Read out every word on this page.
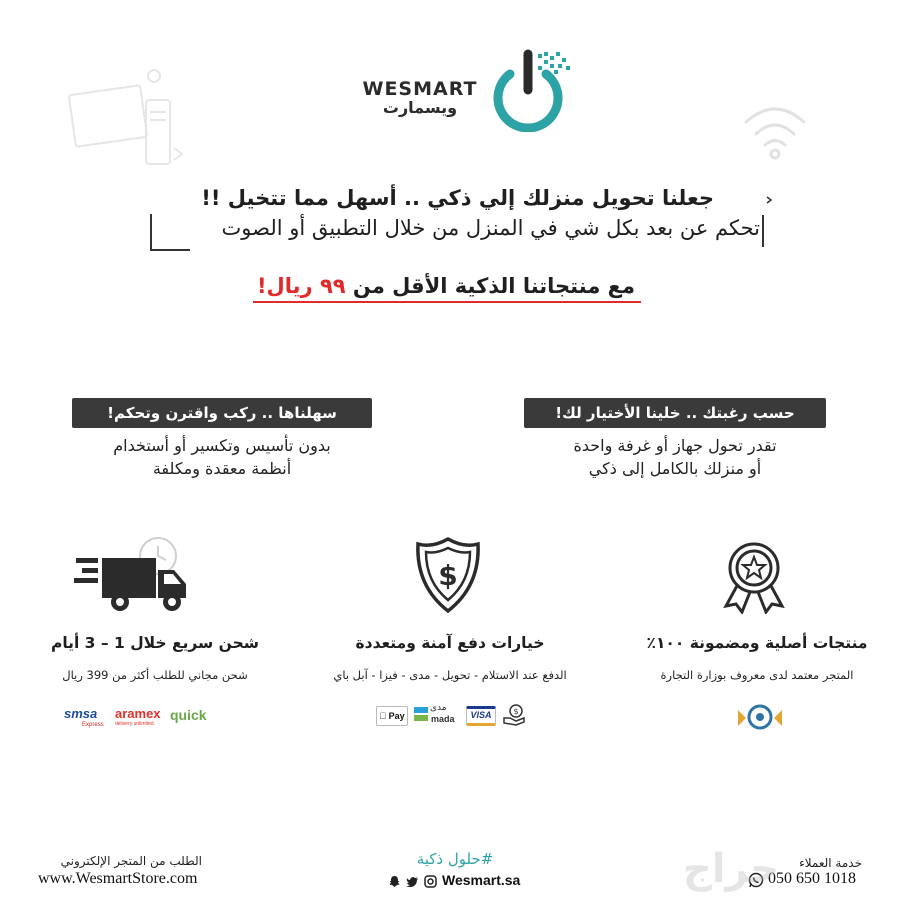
WESMART
ويسمارت
جعلنا تحويل منزلك إلي ذكي .. أسهل مما تتخيل !!
تحكم عن بعد بكل شي في المنزل من خلال التطبيق أو الصوت
مع منتجاتنا الذكية الأقل من ٩٩ ريال!
حسب رغبتك .. خلينا الأختيار لك!
تقدر تحول جهاز أو غرفة واحدة
أو منزلك بالكامل إلى ذكي
سهلناها .. ركب واقترن وتحكم!
بدون تأسيس وتكسير أو أستخدام
أنظمة معقدة ومكلفة
$
منتجات أصلية ومضمونة ١٠٠٪
المتجر معتمد لدى معروف بوزارة التجارة
خيارات دفع آمنة ومتعددة
الدفع عند الاستلام - تحويل - مدى - فيزا - آبل باي
شحن سريع خلال 1 – 3 أيام
شحن مجاني للطلب أكثر من 399 ريال
Pay
مدى
mada	VISA	$
smsa
Express
aramex
delivery unlimited
quick
الطلب من المتجر الإلكتروني
www.WesmartStore.com
#حلول ذكية
Wesmart.sa
خدمة العملاء
050 650 1018
حراج
